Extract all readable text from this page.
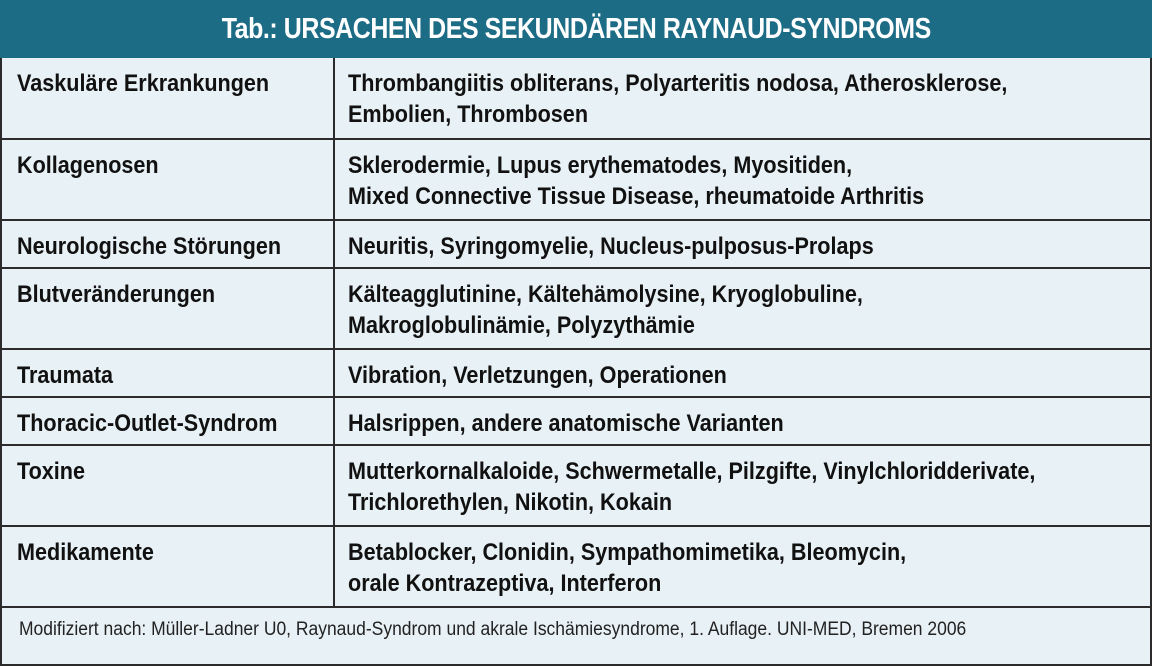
Tab.: URSACHEN DES SEKUNDÄREN RAYNAUD-SYNDROMS
Vaskuläre Erkrankungen	Thrombangiitis obliterans, Polyarteritis nodosa, Atherosklerose,
Embolien, Thrombosen

Kollagenosen	Sklerodermie, Lupus erythematodes, Myositiden,
Mixed Connective Tissue Disease, rheumatoide Arthritis

Neurologische Störungen	Neuritis, Syringomyelie, Nucleus-pulposus-Prolaps

Blutveränderungen	Kälteagglutinine, Kältehämolysine, Kryoglobuline,
Makroglobulinämie, Polyzythämie

Traumata	Vibration, Verletzungen, Operationen

Thoracic-Outlet-Syndrom	Halsrippen, andere anatomische Varianten

Toxine	Mutterkornalkaloide, Schwermetalle, Pilzgifte, Vinylchloridderivate,
Trichlorethylen, Nikotin, Kokain

Medikamente	Betablocker, Clonidin, Sympathomimetika, Bleomycin,
orale Kontrazeptiva, Interferon

Modifiziert nach: Müller-Ladner U0, Raynaud-Syndrom und akrale Ischämiesyndrome, 1. Auflage. UNI-MED, Bremen 2006	
